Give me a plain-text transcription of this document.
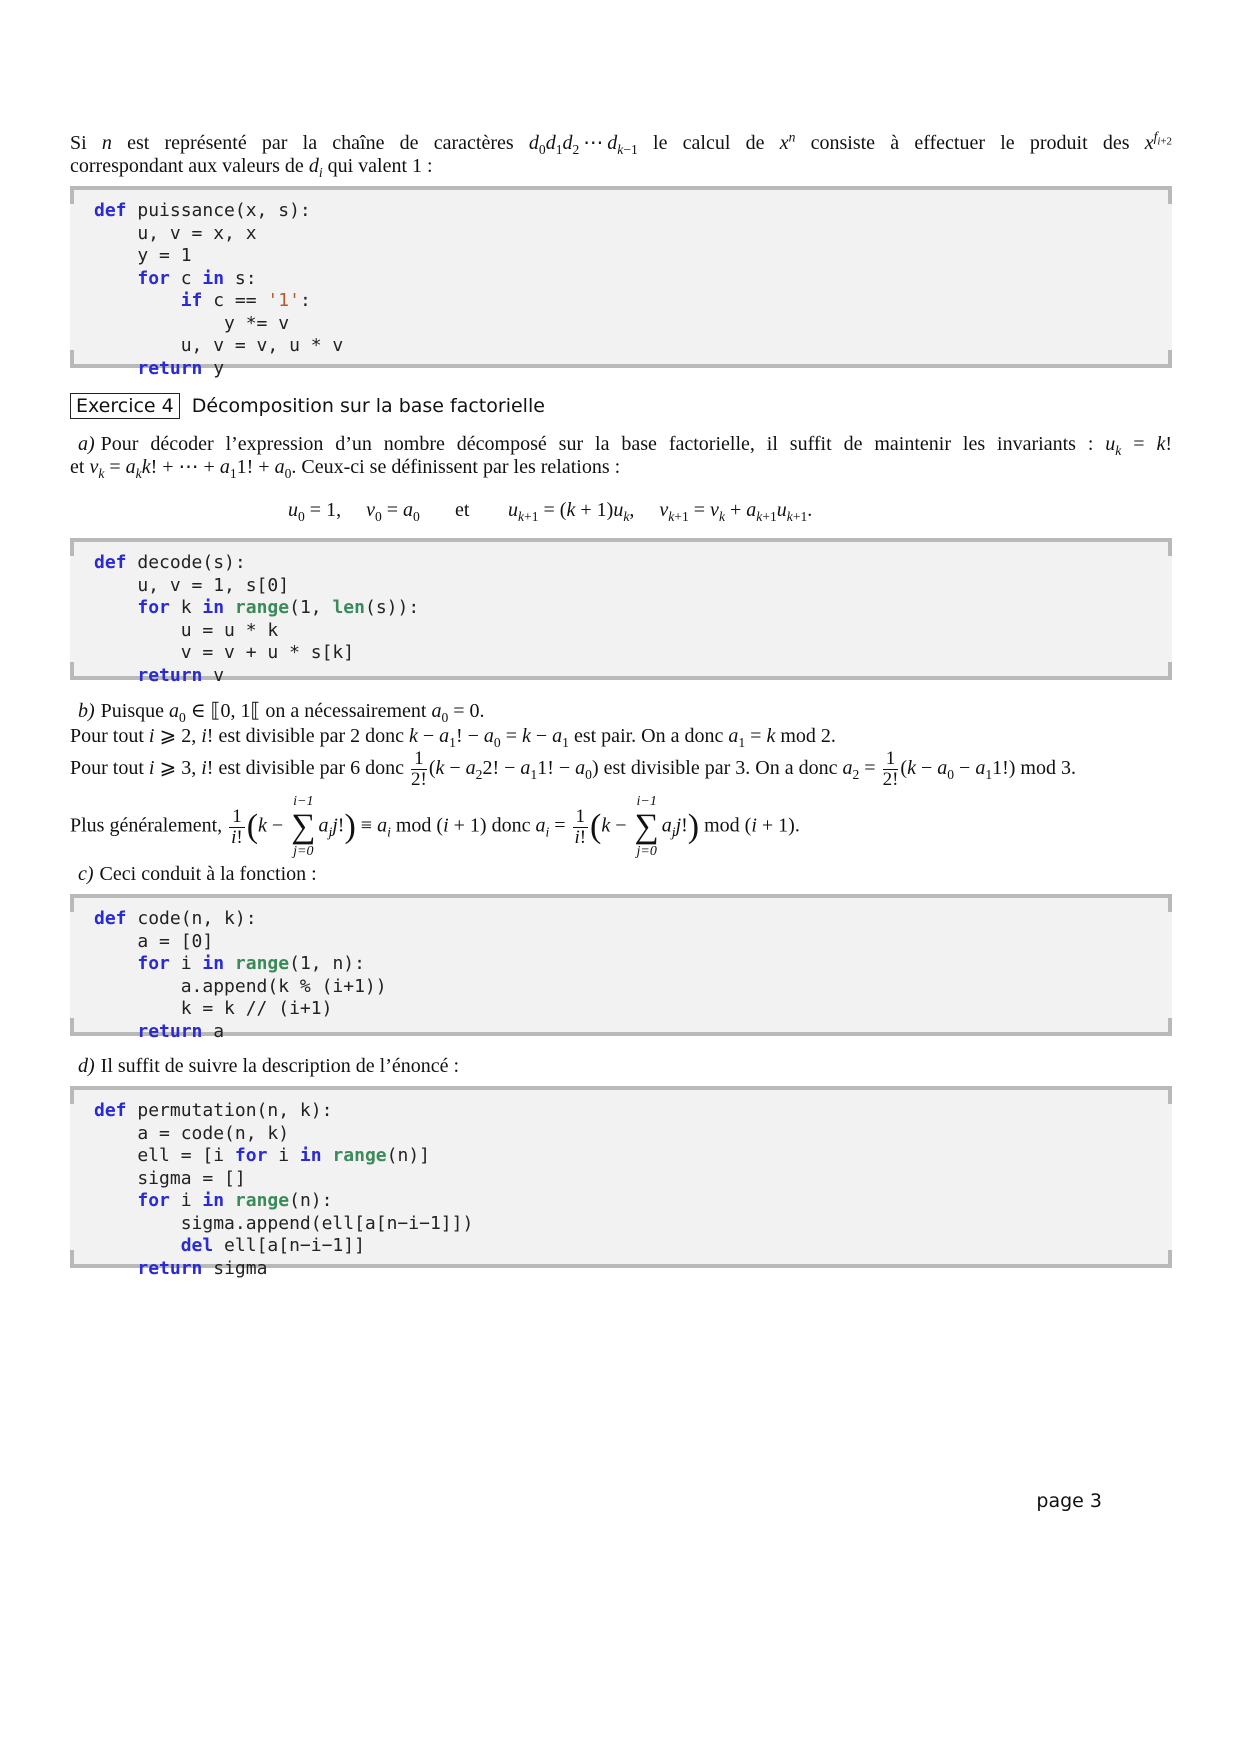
Si n est représenté par la chaîne de caractères $d_0d_1d_2$ ⋯ $d_{k-1}$ le calcul de $x^n$ consiste à effectuer le produit des $x^{f_{i+2}}$
correspondant aux valeurs de $d_i$ qui valent 1 :
def puissance(x, s):
u, v = x, x
y = 1
for c in s:
if c == '1':
y *= v
u, v = v, u * v
return y
Exercice 4 Décomposition sur la base factorielle
a) Pour décoder l’expression d’un nombre décomposé sur la base factorielle, il suffit de maintenir les invariants : $u_k = k$!
et $v_k = a_kk$! + ⋯ + $a_11$! + $a_0$. Ceux-ci se définissent par les relations :
$u_0 = 1$,  $v_0 = a_0$ et $u_{k+1} = (k + 1)u_k$,  $v_{k+1} = v_k + a_{k+1}u_{k+1}$.
def decode(s):
u, v = 1, s[0]
for k in range(1, len(s)):
u = u * k
v = v + u * s[k]
return v
b) Puisque $a_0$ ∈ ⟦0, 1⟦ on a nécessairement $a_0 = 0$.
Pour tout i ⩾ 2, i! est divisible par 2 donc $k - a_1$! − $a_0 = k - a_1$ est pair. On a donc $a_1 = k$ mod 2.
Pour tout i ⩾ 3, i! est divisible par 6 donc $\frac{1}{2!} (k - a_22$! − $a_11$! − $a_0$) est divisible par 3. On a donc $a_2 = \frac{1}{2!} (k - a_0 - a_11!)$ mod 3.
Plus généralement, $\frac{1}{i!} (k$ −
i−1
∑
j=0
$a_jj!) \equiv a_i$ mod (i + 1) donc $a_i = \frac{1}{i!} (k$ −
i−1
∑
j=0
$a_jj$!) mod (i + 1).
c) Ceci conduit à la fonction :
def code(n, k):
a = [0]
for i in range(1, n):
a.append(k % (i+1))
k = k // (i+1)
return a
d) Il suffit de suivre la description de l’énoncé :
def permutation(n, k):
a = code(n, k)
ell = [i for i in range(n)]
sigma = []
for i in range(n):
sigma.append(ell[a[n−i−1]])
del ell[a[n−i−1]]
return sigma
page 3
